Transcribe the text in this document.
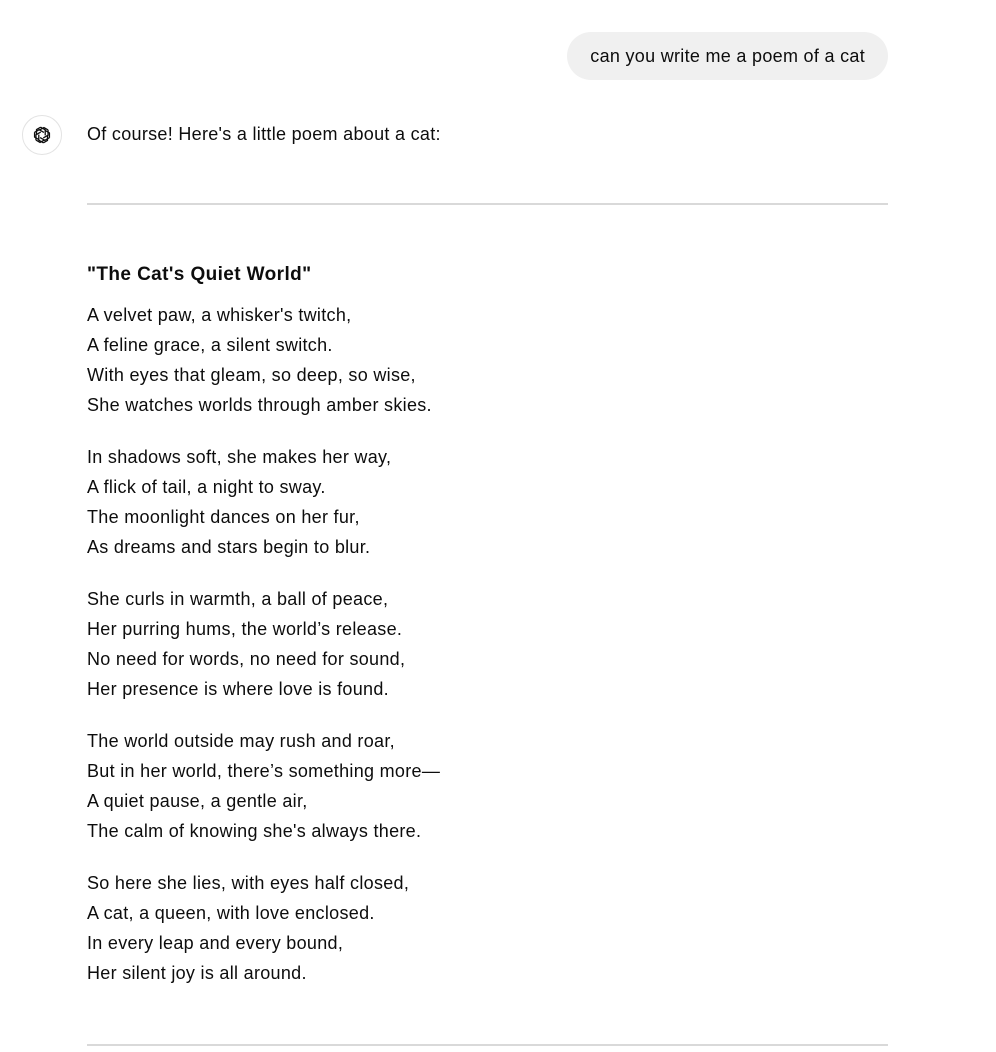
can you write me a poem of a cat

Of course! Here's a little poem about a cat:

"The Cat's Quiet World"
A velvet paw, a whisker's twitch,
A feline grace, a silent switch.
With eyes that gleam, so deep, so wise,
She watches worlds through amber skies.
In shadows soft, she makes her way,
A flick of tail, a night to sway.
The moonlight dances on her fur,
As dreams and stars begin to blur.
She curls in warmth, a ball of peace,
Her purring hums, the world’s release.
No need for words, no need for sound,
Her presence is where love is found.
The world outside may rush and roar,
But in her world, there’s something more—
A quiet pause, a gentle air,
The calm of knowing she's always there.
So here she lies, with eyes half closed,
A cat, a queen, with love enclosed.
In every leap and every bound,
Her silent joy is all around.
